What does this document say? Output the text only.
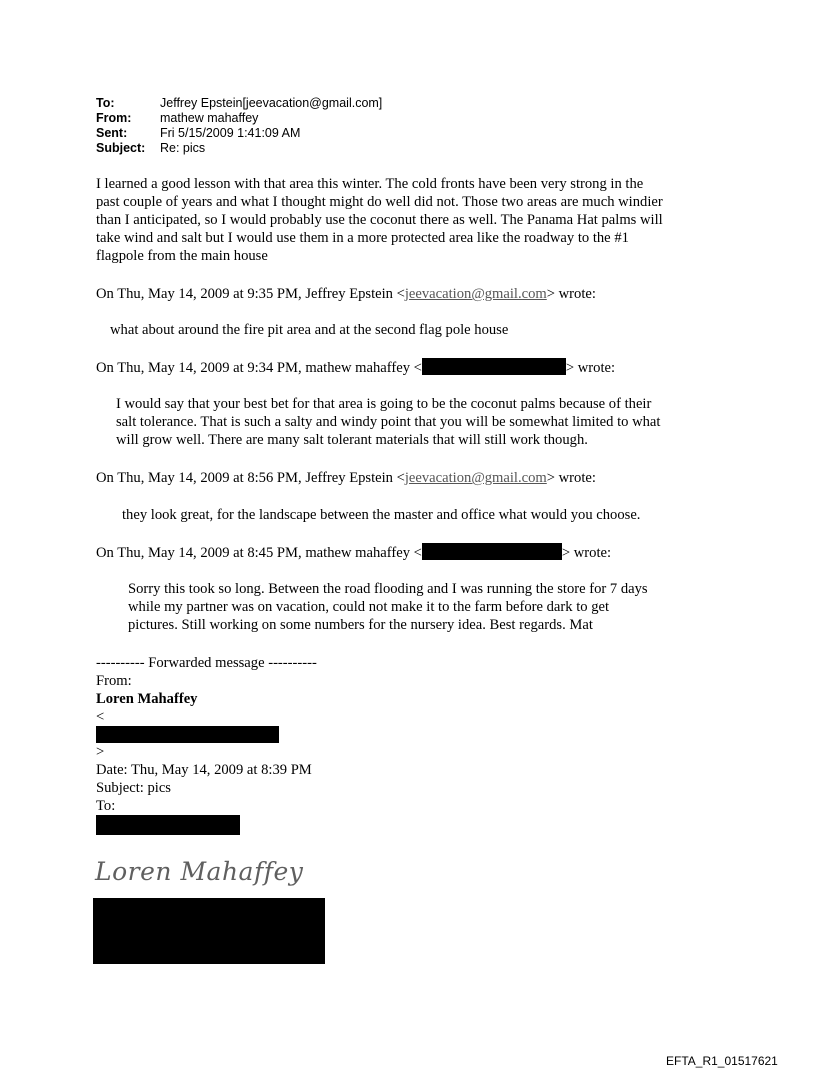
To:	Jeffrey Epstein[jeevacation@gmail.com]
From:	mathew mahaffey
Sent:	Fri 5/15/2009 1:41:09 AM
Subject:	Re: pics
I learned a good lesson with that area this winter. The cold fronts have been very strong in the
past couple of years and what I thought might do well did not. Those two areas are much windier
than I anticipated, so I would probably use the coconut there as well. The Panama Hat palms will
take wind and salt but I would use them in a more protected area like the roadway to the #1
flagpole from the main house
On Thu, May 14, 2009 at 9:35 PM, Jeffrey Epstein <jeevacation@gmail.com> wrote:
what about around the fire pit area and at the second flag pole house
On Thu, May 14, 2009 at 9:34 PM, mathew mahaffey <	> wrote:
I would say that your best bet for that area is going to be the coconut palms because of their
salt tolerance. That is such a salty and windy point that you will be somewhat limited to what
will grow well. There are many salt tolerant materials that will still work though.
On Thu, May 14, 2009 at 8:56 PM, Jeffrey Epstein <jeevacation@gmail.com> wrote:
they look great, for the landscape between the master and office what would you choose.
On Thu, May 14, 2009 at 8:45 PM, mathew mahaffey <	> wrote:
Sorry this took so long. Between the road flooding and I was running the store for 7 days
while my partner was on vacation, could not make it to the farm before dark to get
pictures. Still working on some numbers for the nursery idea. Best regards. Mat
---------- Forwarded message ----------
From:
Loren Mahaffey
<
>
Date: Thu, May 14, 2009 at 8:39 PM
Subject: pics
To:
Loren Mahaffey
EFTA_R1_01517621
